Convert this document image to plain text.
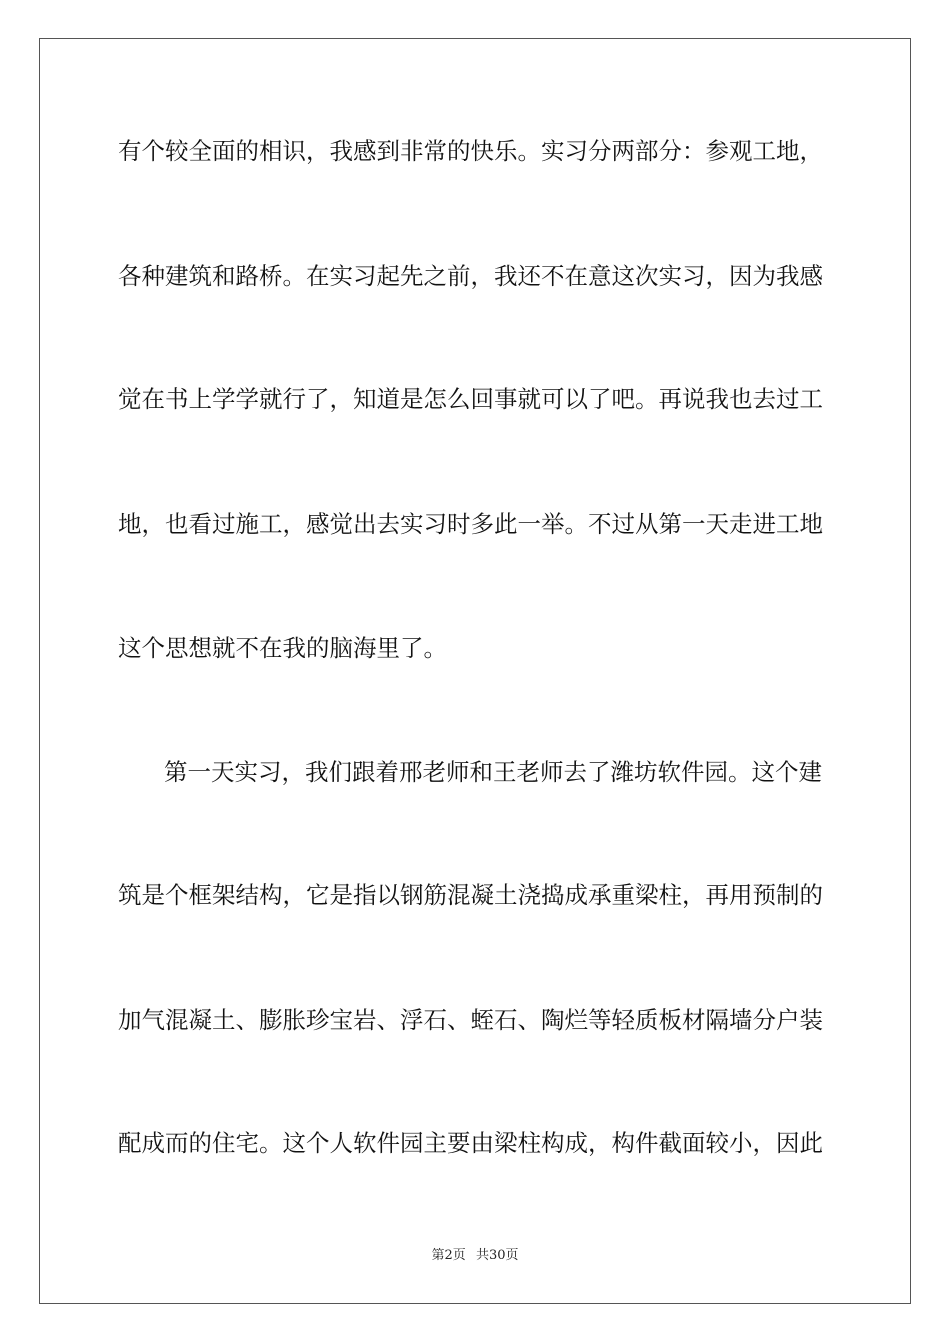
有个较全面的相识，我感到非常的快乐。实习分两部分：参观工地，
各种建筑和路桥。在实习起先之前，我还不在意这次实习，因为我感
觉在书上学学就行了，知道是怎么回事就可以了吧。再说我也去过工
地，也看过施工，感觉出去实习时多此一举。不过从第一天走进工地
这个思想就不在我的脑海里了。
第一天实习，我们跟着邢老师和王老师去了潍坊软件园。这个建
筑是个框架结构，它是指以钢筋混凝土浇捣成承重梁柱，再用预制的
加气混凝土、膨胀珍宝岩、浮石、蛭石、陶烂等轻质板材隔墙分户装
配成而的住宅。这个人软件园主要由梁柱构成，构件截面较小，因此
第2页 共30页
